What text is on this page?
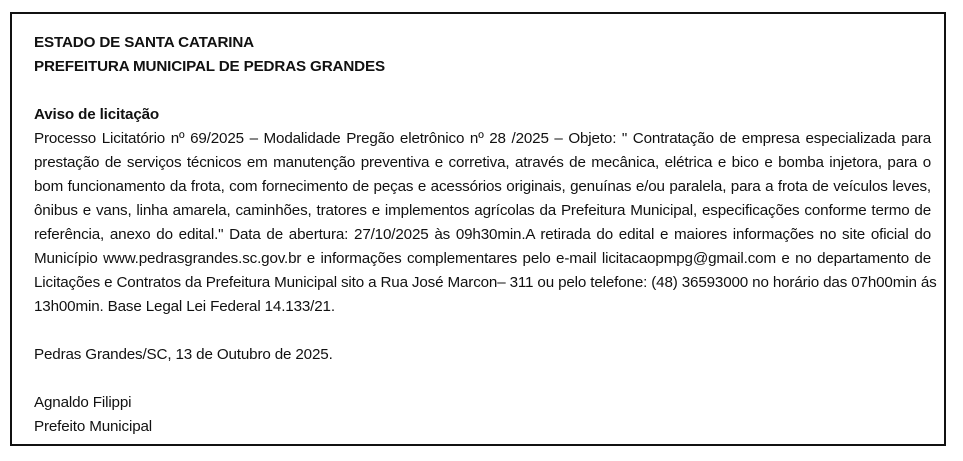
ESTADO DE SANTA CATARINA
PREFEITURA MUNICIPAL DE PEDRAS GRANDES
Aviso de licitação
Processo Licitatório nº 69/2025 – Modalidade Pregão eletrônico nº 28 /2025 – Objeto: " Contratação de empresa especializada para
prestação de serviços técnicos em manutenção preventiva e corretiva, através de mecânica, elétrica e bico e bomba injetora, para o
bom funcionamento da frota, com fornecimento de peças e acessórios originais, genuínas e/ou paralela, para a frota de veículos leves,
ônibus e vans, linha amarela, caminhões, tratores e implementos agrícolas da Prefeitura Municipal, especificações conforme termo de
referência, anexo do edital." Data de abertura: 27/10/2025 às 09h30min.A retirada do edital e maiores informações no site oficial do
Município www.pedrasgrandes.sc.gov.br e informações complementares pelo e-mail licitacaopmpg@gmail.com e no departamento de
Licitações e Contratos da Prefeitura Municipal sito a Rua José Marcon– 311 ou pelo telefone: (48) 36593000 no horário das 07h00min ás
13h00min. Base Legal Lei Federal 14.133/21.
Pedras Grandes/SC, 13 de Outubro de 2025.
Agnaldo Filippi
Prefeito Municipal
